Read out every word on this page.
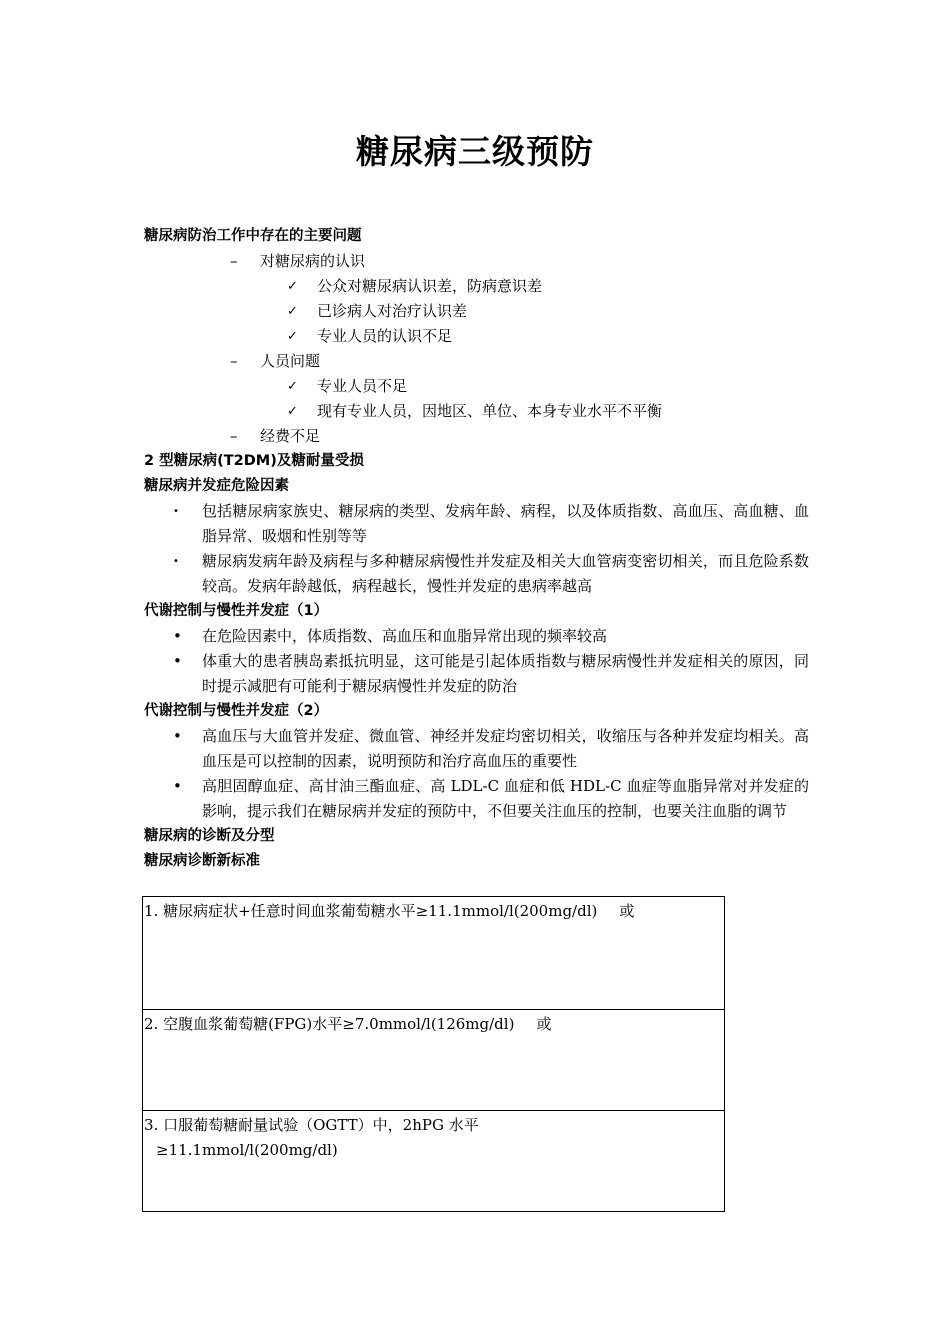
糖尿病三级预防
糖尿病防治工作中存在的主要问题
–	对糖尿病的认识
✓	公众对糖尿病认识差，防病意识差
✓	已诊病人对治疗认识差
✓	专业人员的认识不足
–	人员问题
✓	专业人员不足
✓	现有专业人员，因地区、单位、本身专业水平不平衡
–	经费不足
2 型糖尿病(T2DM)及糖耐量受损
糖尿病并发症危险因素
• 包括糖尿病家族史、糖尿病的类型、发病年龄、病程，以及体质指数、高血压、高血糖、血脂异常、吸烟和性别等等
• 糖尿病发病年龄及病程与多种糖尿病慢性并发症及相关大血管病变密切相关，而且危险系数较高。发病年龄越低，病程越长，慢性并发症的患病率越高
代谢控制与慢性并发症（1）
• 在危险因素中，体质指数、高血压和血脂异常出现的频率较高
• 体重大的患者胰岛素抵抗明显，这可能是引起体质指数与糖尿病慢性并发症相关的原因，同时提示减肥有可能利于糖尿病慢性并发症的防治
代谢控制与慢性并发症（2）
• 高血压与大血管并发症、微血管、神经并发症均密切相关，收缩压与各种并发症均相关。高血压是可以控制的因素，说明预防和治疗高血压的重要性
• 高胆固醇血症、高甘油三酯血症、高 LDL-C 血症和低 HDL-C 血症等血脂异常对并发症的影响，提示我们在糖尿病并发症的预防中，不但要关注血压的控制，也要关注血脂的调节
糖尿病的诊断及分型
糖尿病诊断新标准
1. 糖尿病症状+任意时间血浆葡萄糖水平≥11.1mmol/l(200mg/dl) 或

2. 空腹血浆葡萄糖(FPG)水平≥7.0mmol/l(126mg/dl) 或

3. 口服葡萄糖耐量试验（OGTT）中，2hPG 水平
≥11.1mmol/l(200mg/dl)
